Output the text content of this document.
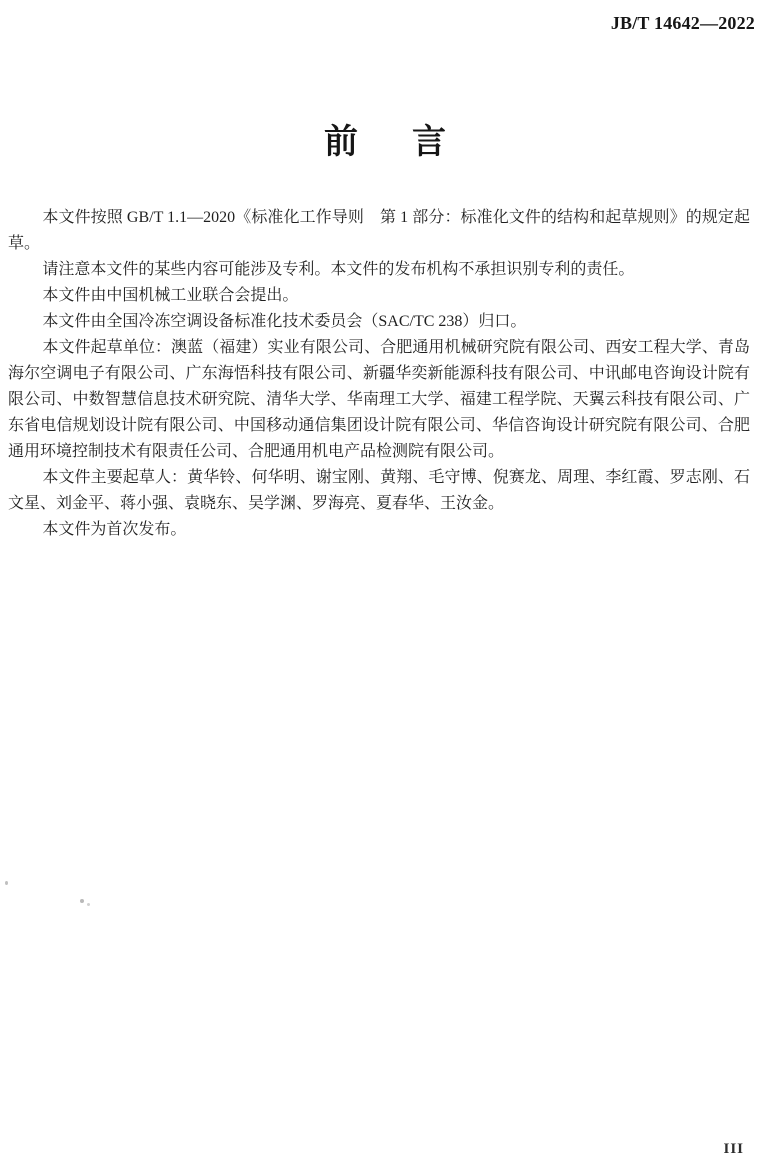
JB/T 14642—2022
前 言

本文件按照 GB/T 1.1—2020《标准化工作导则　第 1 部分：标准化文件的结构和起草规则》的规定起草。

请注意本文件的某些内容可能涉及专利。本文件的发布机构不承担识别专利的责任。

本文件由中国机械工业联合会提出。

本文件由全国冷冻空调设备标准化技术委员会（SAC/TC 238）归口。

本文件起草单位：澳蓝（福建）实业有限公司、合肥通用机械研究院有限公司、西安工程大学、青岛海尔空调电子有限公司、广东海悟科技有限公司、新疆华奕新能源科技有限公司、中讯邮电咨询设计院有限公司、中数智慧信息技术研究院、清华大学、华南理工大学、福建工程学院、天翼云科技有限公司、广东省电信规划设计院有限公司、中国移动通信集团设计院有限公司、华信咨询设计研究院有限公司、合肥通用环境控制技术有限责任公司、合肥通用机电产品检测院有限公司。

本文件主要起草人：黄华铃、何华明、谢宝刚、黄翔、毛守博、倪赛龙、周理、李红霞、罗志刚、石文星、刘金平、蒋小强、袁晓东、吴学渊、罗海亮、夏春华、王汝金。

本文件为首次发布。

III
